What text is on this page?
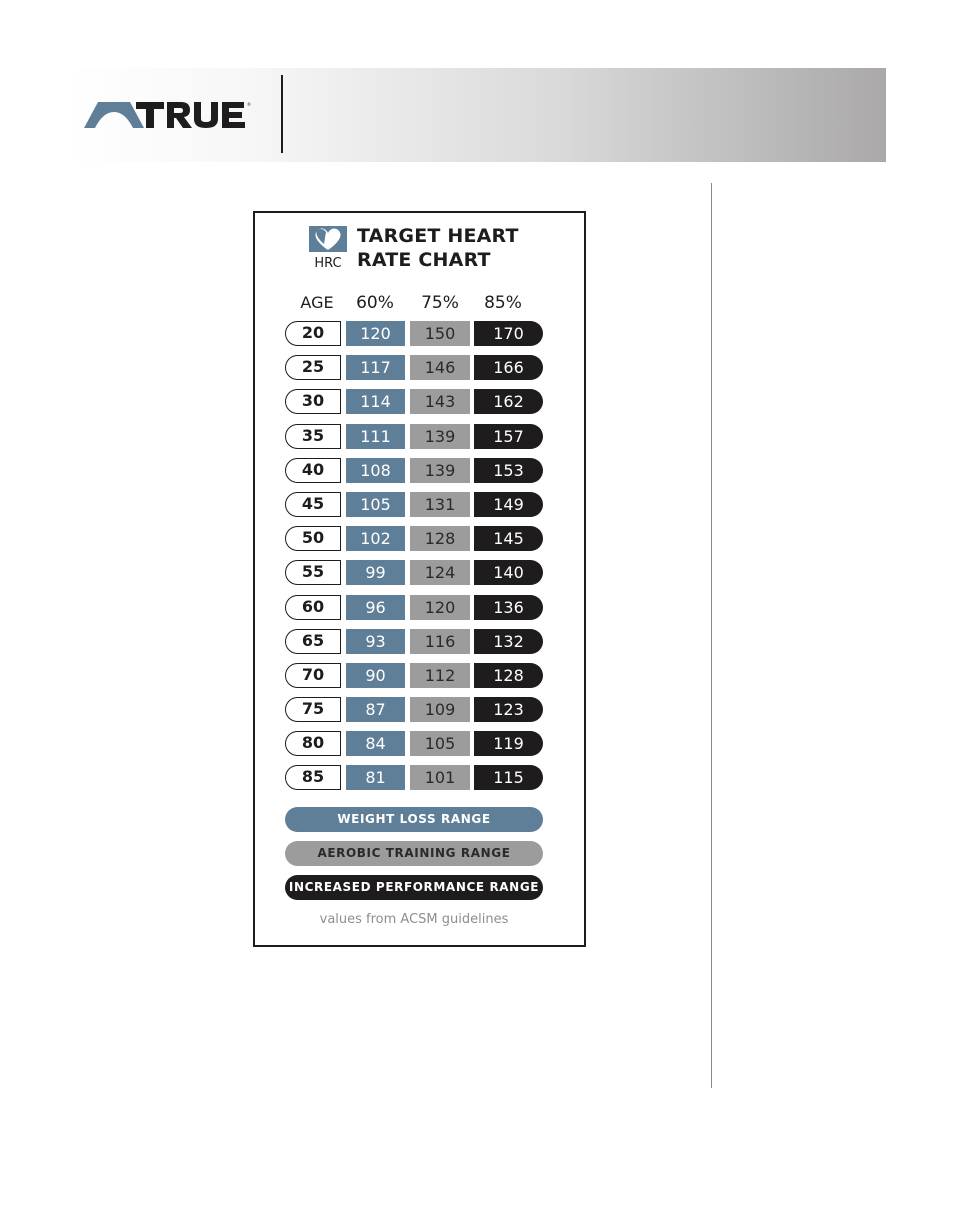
®
HRC
TARGET HEART
RATE CHART
AGE	60%	75%	85%
20	120	150	170
25	117	146	166
30	114	143	162
35	111	139	157
40	108	139	153
45	105	131	149
50	102	128	145
55	99	124	140
60	96	120	136
65	93	116	132
70	90	112	128
75	87	109	123
80	84	105	119
85	81	101	115
WEIGHT LOSS RANGE
AEROBIC TRAINING RANGE
INCREASED PERFORMANCE RANGE
values from ACSM guidelines
